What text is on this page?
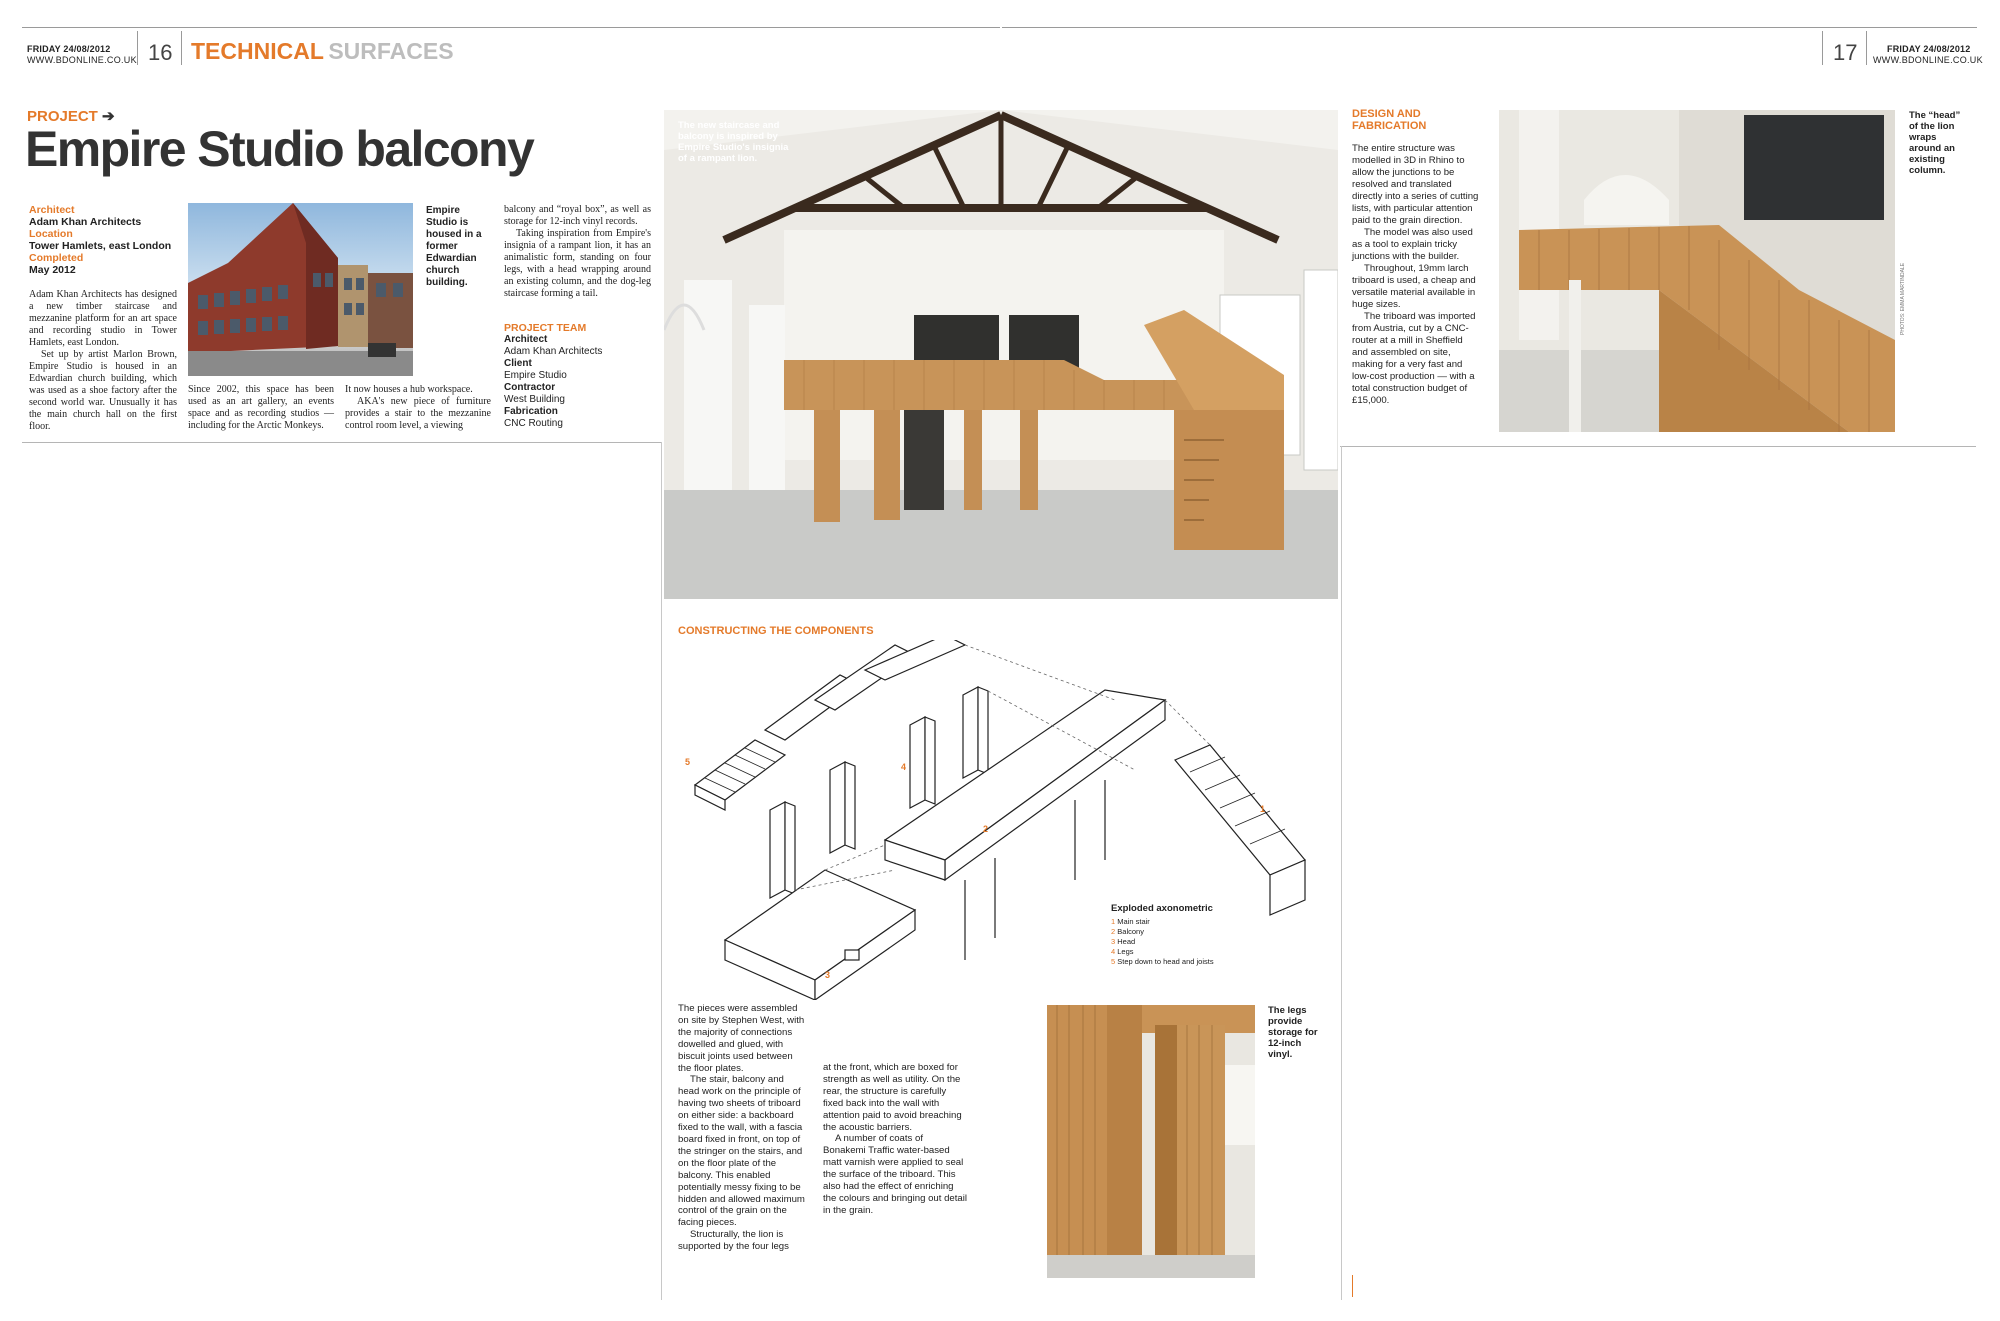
FRIDAY 24/08/2012
WWW.BDONLINE.CO.UK 16 TECHNICAL SURFACES	17	FRIDAY 24/08/2012
WWW.BDONLINE.CO.UK
PROJECT ➔
Empire Studio balcony
Architect
Adam Khan Architects
Location
Tower Hamlets, east London
Completed
May 2012

Adam Khan Architects has designed a new timber staircase and mezzanine platform for an art space and recording studio in Tower Hamlets, east London.

Set up by artist Marlon Brown, Empire Studio is housed in an Edwardian church building, which was used as a shoe factory after the second world war. Unusually it has the main church hall on the first floor.

Since 2002, this space has been used as an art gallery, an events space and as recording studios — including for the Arctic Monkeys.

It now houses a hub workspace.

AKA's new piece of furniture provides a stair to the mezzanine control room level, a viewing

Empire Studio is housed in a former Edwardian church building.

balcony and “royal box”, as well as storage for 12-inch vinyl records.

Taking inspiration from Empire's insignia of a rampant lion, it has an animalistic form, standing on four legs, with a head wrapping around an existing column, and the dog-leg staircase forming a tail.

PROJECT TEAM
Architect
Adam Khan Architects
Client
Empire Studio
Contractor
West Building
Fabrication
CNC Routing
The new staircase and balcony is inspired by Empire Studio's insignia of a rampant lion.
DESIGN AND
FABRICATION

The entire structure was modelled in 3D in Rhino to allow the junctions to be resolved and translated directly into a series of cutting lists, with particular attention paid to the grain direction.

The model was also used as a tool to explain tricky junctions with the builder.

Throughout, 19mm larch triboard is used, a cheap and versatile material available in huge sizes.

The triboard was imported from Austria, cut by a CNC-router at a mill in Sheffield and assembled on site, making for a very fast and low-cost production — with a total construction budget of £15,000.

The “head” of the lion wraps around an existing column.
PHOTOS: EMMA MARTINDALE
CONSTRUCTING THE COMPONENTS
5	4
2
3
1
Exploded axonometric
1 Main stair
2 Balcony
3 Head
4 Legs
5 Step down to head and joists

The pieces were assembled on site by Stephen West, with the majority of connections dowelled and glued, with biscuit joints used between the floor plates.

The stair, balcony and head work on the principle of having two sheets of triboard on either side: a backboard fixed to the wall, with a fascia board fixed in front, on top of the stringer on the stairs, and on the floor plate of the balcony. This enabled potentially messy fixing to be hidden and allowed maximum control of the grain on the facing pieces.

Structurally, the lion is supported by the four legs

at the front, which are boxed for strength as well as utility. On the rear, the structure is carefully fixed back into the wall with attention paid to avoid breaching the acoustic barriers.

A number of coats of Bonakemi Traffic water-based matt varnish were applied to seal the surface of the triboard. This also had the effect of enriching the colours and bringing out detail in the grain.

The legs provide storage for 12-inch vinyl.
